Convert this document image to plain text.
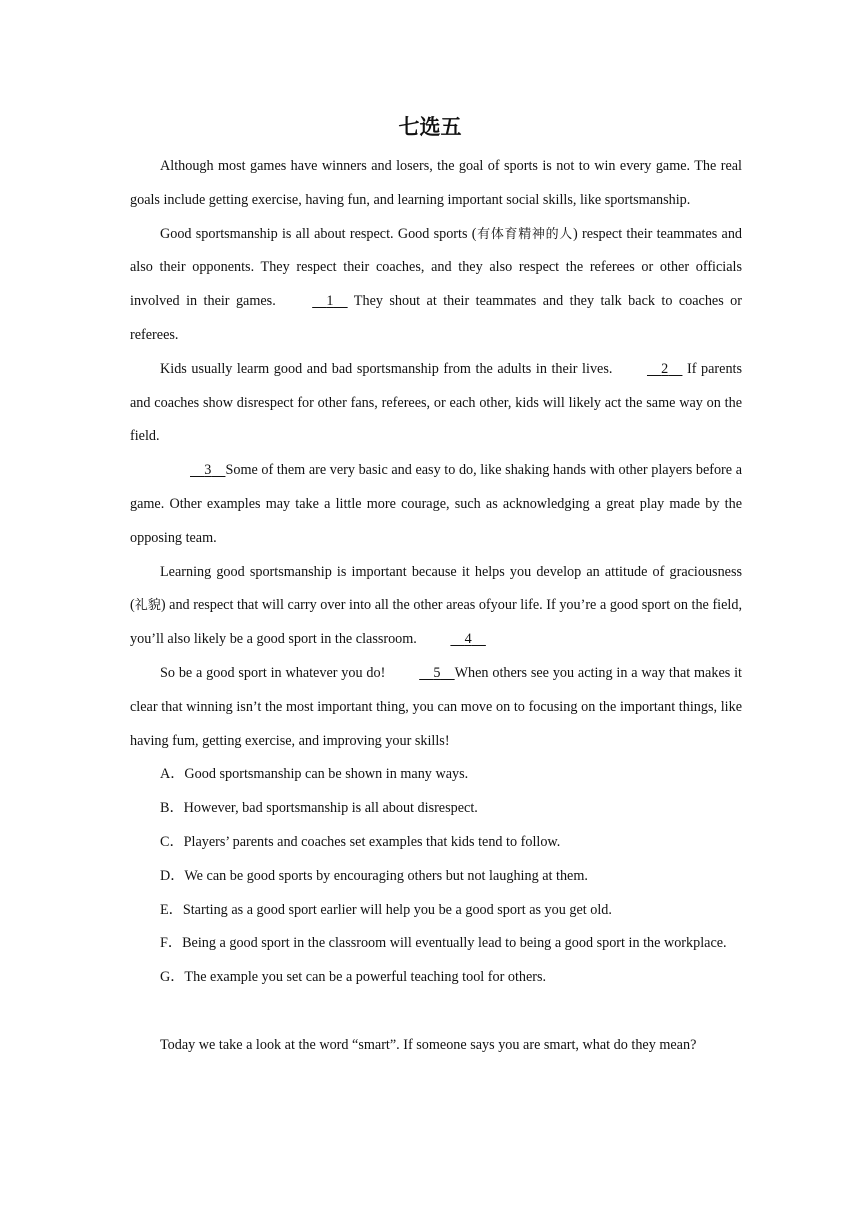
七选五

Although most games have winners and losers, the goal of sports is not to win every game. The real goals include getting exercise, having fun, and learning important social skills, like sportsmanship.

Good sportsmanship is all about respect. Good sports (有体育精神的人) respect their teammates and also their opponents. They respect their coaches, and they also respect the referees or other officials involved in their games.	1     They shout at their teammates and they talk back to coaches or referees.

Kids usually learm good and bad sportsmanship from the adults in their lives.	2     If parents and coaches show disrespect for other fans, referees, or each other, kids will likely act the same way on the field.

3 Some of them are very basic and easy to do, like shaking hands with other players before a game. Other examples may take a little more courage, such as acknowledging a great play made by the opposing team.

Learning good sportsmanship is important because it helps you develop an attitude of graciousness (礼貌) and respect that will carry over into all the other areas ofyour life. If you’re a good sport on the field, you’ll also likely be a good sport in the classroom.	4

So be a good sport in whatever you do!	5 When others see you acting in a way that makes it clear that winning isn’t the most important thing, you can move on to focusing on the important things, like having fum, getting exercise, and improving your skills!

A．Good sportsmanship can be shown in many ways.

B．However, bad sportsmanship is all about disrespect.

C．Players’ parents and coaches set examples that kids tend to follow.

D．We can be good sports by encouraging others but not laughing at them.

E．Starting as a good sport earlier will help you be a good sport as you get old.

F．Being a good sport in the classroom will eventually lead to being a good sport in the workplace.

G．The example you set can be a powerful teaching tool for others.

Today we take a look at the word “smart”. If someone says you are smart, what do they mean?
